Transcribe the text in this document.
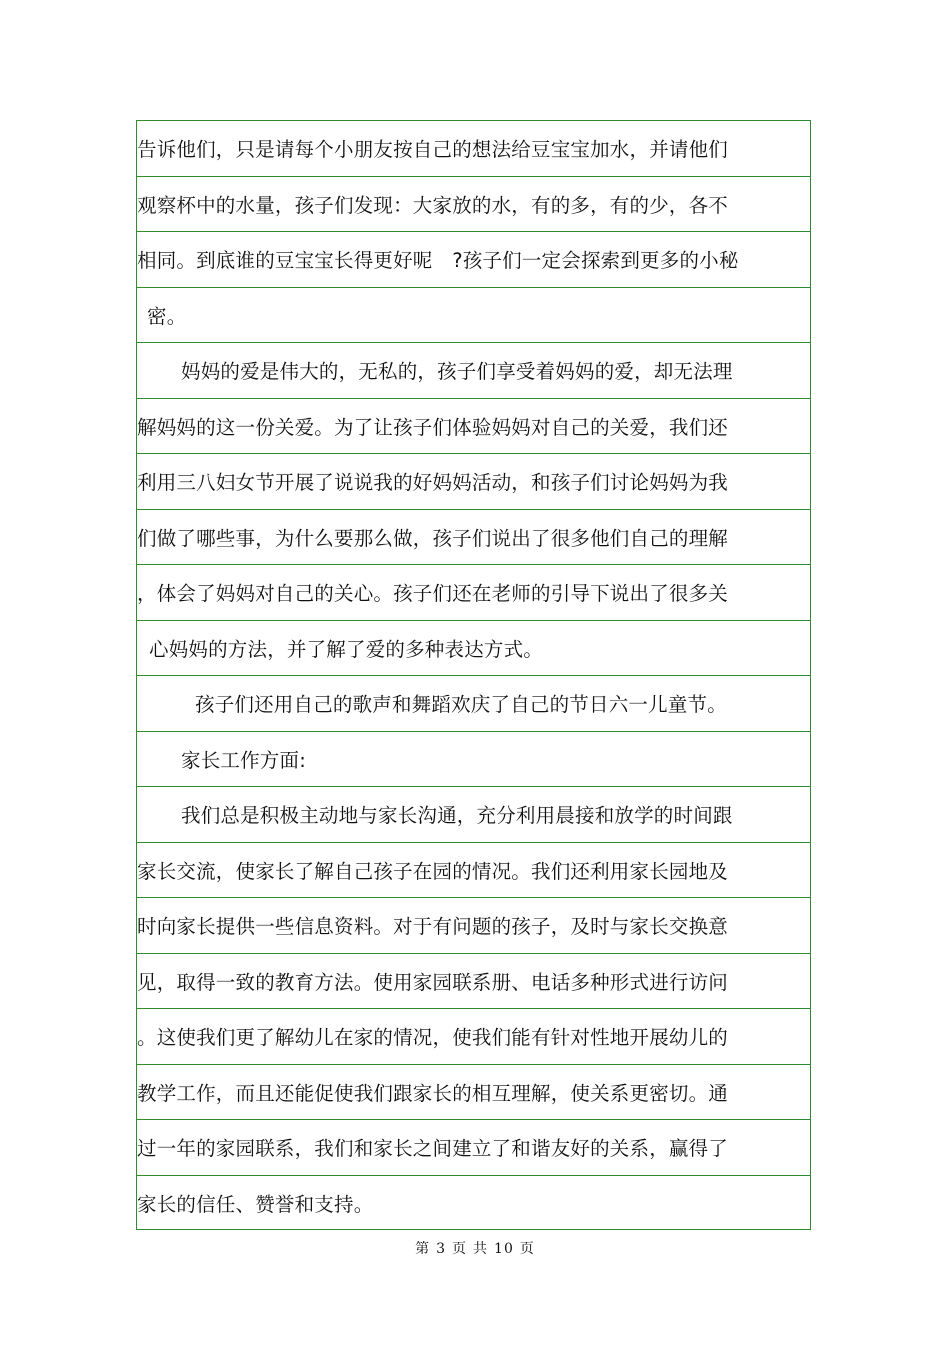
告诉他们，只是请每个小朋友按自己的想法给豆宝宝加水，并请他们
观察杯中的水量，孩子们发现：大家放的水，有的多，有的少，各不
相同。到底谁的豆宝宝长得更好呢　?孩子们一定会探索到更多的小秘
密。
妈妈的爱是伟大的，无私的，孩子们享受着妈妈的爱，却无法理
解妈妈的这一份关爱。为了让孩子们体验妈妈对自己的关爱，我们还
利用三八妇女节开展了说说我的好妈妈活动，和孩子们讨论妈妈为我
们做了哪些事，为什么要那么做，孩子们说出了很多他们自己的理解
，体会了妈妈对自己的关心。孩子们还在老师的引导下说出了很多关
心妈妈的方法，并了解了爱的多种表达方式。
孩子们还用自己的歌声和舞蹈欢庆了自己的节日六一儿童节。
家长工作方面:
我们总是积极主动地与家长沟通，充分利用晨接和放学的时间跟
家长交流，使家长了解自己孩子在园的情况。我们还利用家长园地及
时向家长提供一些信息资料。对于有问题的孩子，及时与家长交换意
见，取得一致的教育方法。使用家园联系册、电话多种形式进行访问
。这使我们更了解幼儿在家的情况，使我们能有针对性地开展幼儿的
教学工作，而且还能促使我们跟家长的相互理解，使关系更密切。通
过一年的家园联系，我们和家长之间建立了和谐友好的关系，赢得了
家长的信任、赞誉和支持。
第 3 页 共 10 页
